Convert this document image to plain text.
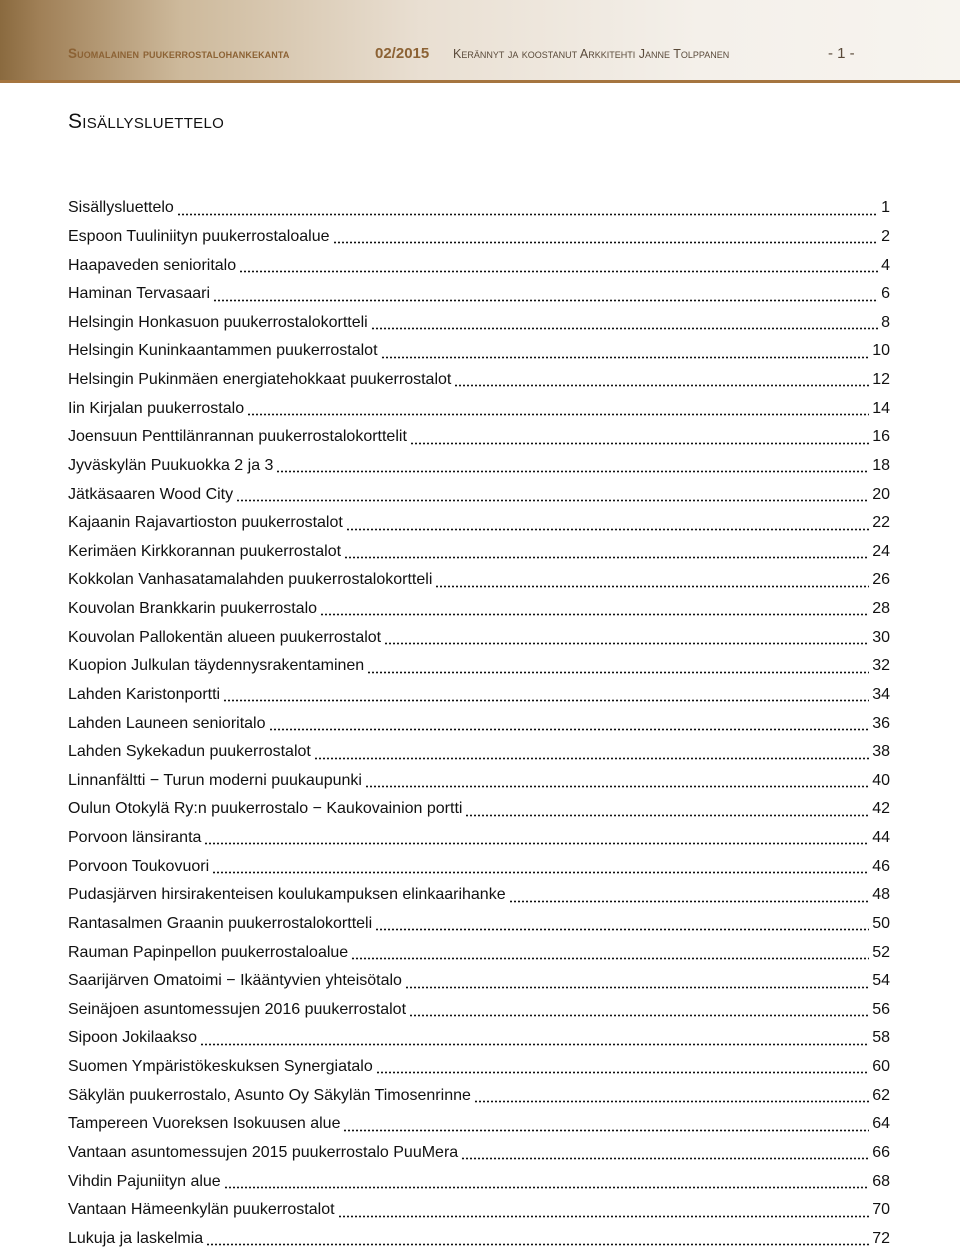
Suomalainen puukerrostalohankekanta	02/2015 Kerännyt ja koostanut Arkkitehti Janne Tolppanen	- 1 -
Sisällysluettelo
Sisällysluettelo	1
Espoon Tuuliniityn puukerrostaloalue	2
Haapaveden senioritalo	4
Haminan Tervasaari	6
Helsingin Honkasuon puukerrostalokortteli	8
Helsingin Kuninkaantammen puukerrostalot	10
Helsingin Pukinmäen energiatehokkaat puukerrostalot	12
Iin Kirjalan puukerrostalo	14
Joensuun Penttilänrannan puukerrostalokorttelit	16
Jyväskylän Puukuokka 2 ja 3	18
Jätkäsaaren Wood City	20
Kajaanin Rajavartioston puukerrostalot	22
Kerimäen Kirkkorannan puukerrostalot	24
Kokkolan Vanhasatamalahden puukerrostalokortteli	26
Kouvolan Brankkarin puukerrostalo	28
Kouvolan Pallokentän alueen puukerrostalot	30
Kuopion Julkulan täydennysrakentaminen	32
Lahden Karistonportti	34
Lahden Launeen senioritalo	36
Lahden Sykekadun puukerrostalot	38
Linnanfältti − Turun moderni puukaupunki	40
Oulun Otokylä Ry:n puukerrostalo − Kaukovainion portti	42
Porvoon länsiranta	44
Porvoon Toukovuori	46
Pudasjärven hirsirakenteisen koulukampuksen elinkaarihanke	48
Rantasalmen Graanin puukerrostalokortteli	50
Rauman Papinpellon puukerrostaloalue	52
Saarijärven Omatoimi − Ikääntyvien yhteisötalo	54
Seinäjoen asuntomessujen 2016 puukerrostalot	56
Sipoon Jokilaakso	58
Suomen Ympäristökeskuksen Synergiatalo	60
Säkylän puukerrostalo, Asunto Oy Säkylän Timosenrinne	62
Tampereen Vuoreksen Isokuusen alue	64
Vantaan asuntomessujen 2015 puukerrostalo PuuMera	66
Vihdin Pajuniityn alue	68
Vantaan Hämeenkylän puukerrostalot	70
Lukuja ja laskelmia	72
